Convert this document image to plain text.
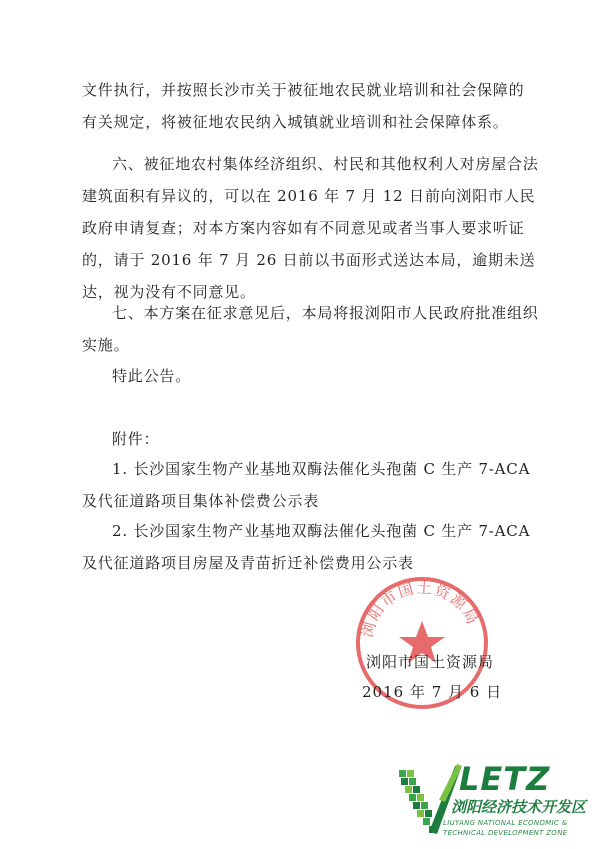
文件执行，并按照长沙市关于被征地农民就业培训和社会保障的
有关规定，将被征地农民纳入城镇就业培训和社会保障体系。

六、被征地农村集体经济组织、村民和其他权利人对房屋合法建筑面积有异议的，可以在 2016 年 7 月 12 日前向浏阳市人民政府申请复查；对本方案内容如有不同意见或者当事人要求听证的，请于 2016 年 7 月 26 日前以书面形式送达本局，逾期未送达，视为没有不同意见。

七、本方案在征求意见后，本局将报浏阳市人民政府批准组织实施。

特此公告。
附件：

1. 长沙国家生物产业基地双酶法催化头孢菌 C 生产 7-ACA 及代征道路项目集体补偿费公示表

2. 长沙国家生物产业基地双酶法催化头孢菌 C 生产 7-ACA 及代征道路项目房屋及青苗折迁补偿费用公示表

浏阳市国土资源局
浏阳市国土资源局
2016 年 7 月 6 日
LETZ
浏阳经济技术开发区
LIUYANG NATIONAL ECONOMIC &
TECHNICAL DEVELOPMENT ZONE
